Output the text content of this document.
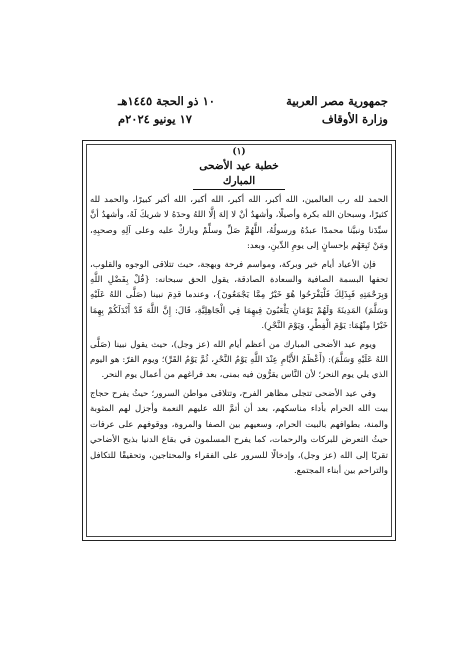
جمهورية مصر العربية
وزارة الأوقاف
١٠ ذو الحجة ١٤٤٥هـ
١٧ يونيو ٢٠٢٤م
(١)
خطبة عيد الأضحى المبارك

الحمد لله رب العالمين، الله أكبر، الله أكبر، الله أكبر، الله أكبر كبيرًا، والحمد لله كثيرًا، وسبحان الله بكرة وأصيلًا، وأشهدُ أنْ لا إلهَ إلَّا اللهُ وحدَهُ لا شريكَ لَهُ، وأشهدُ أنَّ سيِّدَنا ونبيَّنا محمدًا عبدُهُ ورسولُهُ، اللَّهُمَّ صَلِّ وسلِّمْ وباركْ عليه وعلى آلِهِ وصحبِهِ، ومَنْ تَبِعَهُم بإحسانٍ إلى يومِ الدِّينِ، وبعد:

فإن الأعياد أيام خير وبركة، ومواسم فرحة وبهجة، حيث تتلاقى الوجوه والقلوب، تحفها البسمة الصافية والسعادة الصادقة، يقول الحق سبحانه: {قُلْ بِفَضْلِ اللَّهِ وَبِرَحْمَتِهِ فَبِذَلِكَ فَلْيَفْرَحُوا هُوَ خَيْرٌ مِمَّا يَجْمَعُونَ}، وعندما قدِمَ نبينا (صَلَّى اللهُ عَلَيْهِ وَسَلَّمَ) المَدِينَةَ وَلَهُمْ يَوْمَانِ يَلْعَبُونَ فِيهِمَا فِي الْجَاهِلِيَّةِ، قَالَ: إِنَّ اللَّهَ قَدْ أَبْدَلَكُمْ بِهِمَا خَيْرًا مِنْهُمَا: يَوْمَ الْفِطْرِ، وَيَوْمَ النَّحْرِ).

ويوم عيد الأضحى المبارك من أعظم أيام الله (عز وجل)، حيث يقول نبينا (صَلَّى اللهُ عَلَيْهِ وَسَلَّمَ): (أَعْظَمُ الأَيَّامِ عِنْدَ اللَّهِ يَوْمُ النَّحْرِ، ثُمَّ يَوْمُ القَرِّ)؛ ويوم القرّ: هو اليوم الذي يلي يوم النحر؛ لأن النَّاس يقرُّون فيه بمنى، بعد فراغهم من أعمال يوم النحر.

وفي عيد الأضحى تتجلى مظاهر الفرح، وتتلاقى مواطن السرور؛ حيثُ يفرح حجاج بيت الله الحرام بأداء مناسكهم، بعد أن أتمَّ الله عليهم النعمة وأجزل لهم المثوبة والمنة، بطوافهم بالبيت الحرام، وسعيهم بين الصفا والمروة، ووقوفهم على عرفات حيثُ التعرض للبركات والرحمات، كما يفرح المسلمون في بقاع الدنيا بذبح الأضاحي تقربًا إلى الله (عز وجل)، وإدخالًا للسرور على الفقراء والمحتاجين، وتحقيقًا للتكافل والتراحم بين أبناء المجتمع.
